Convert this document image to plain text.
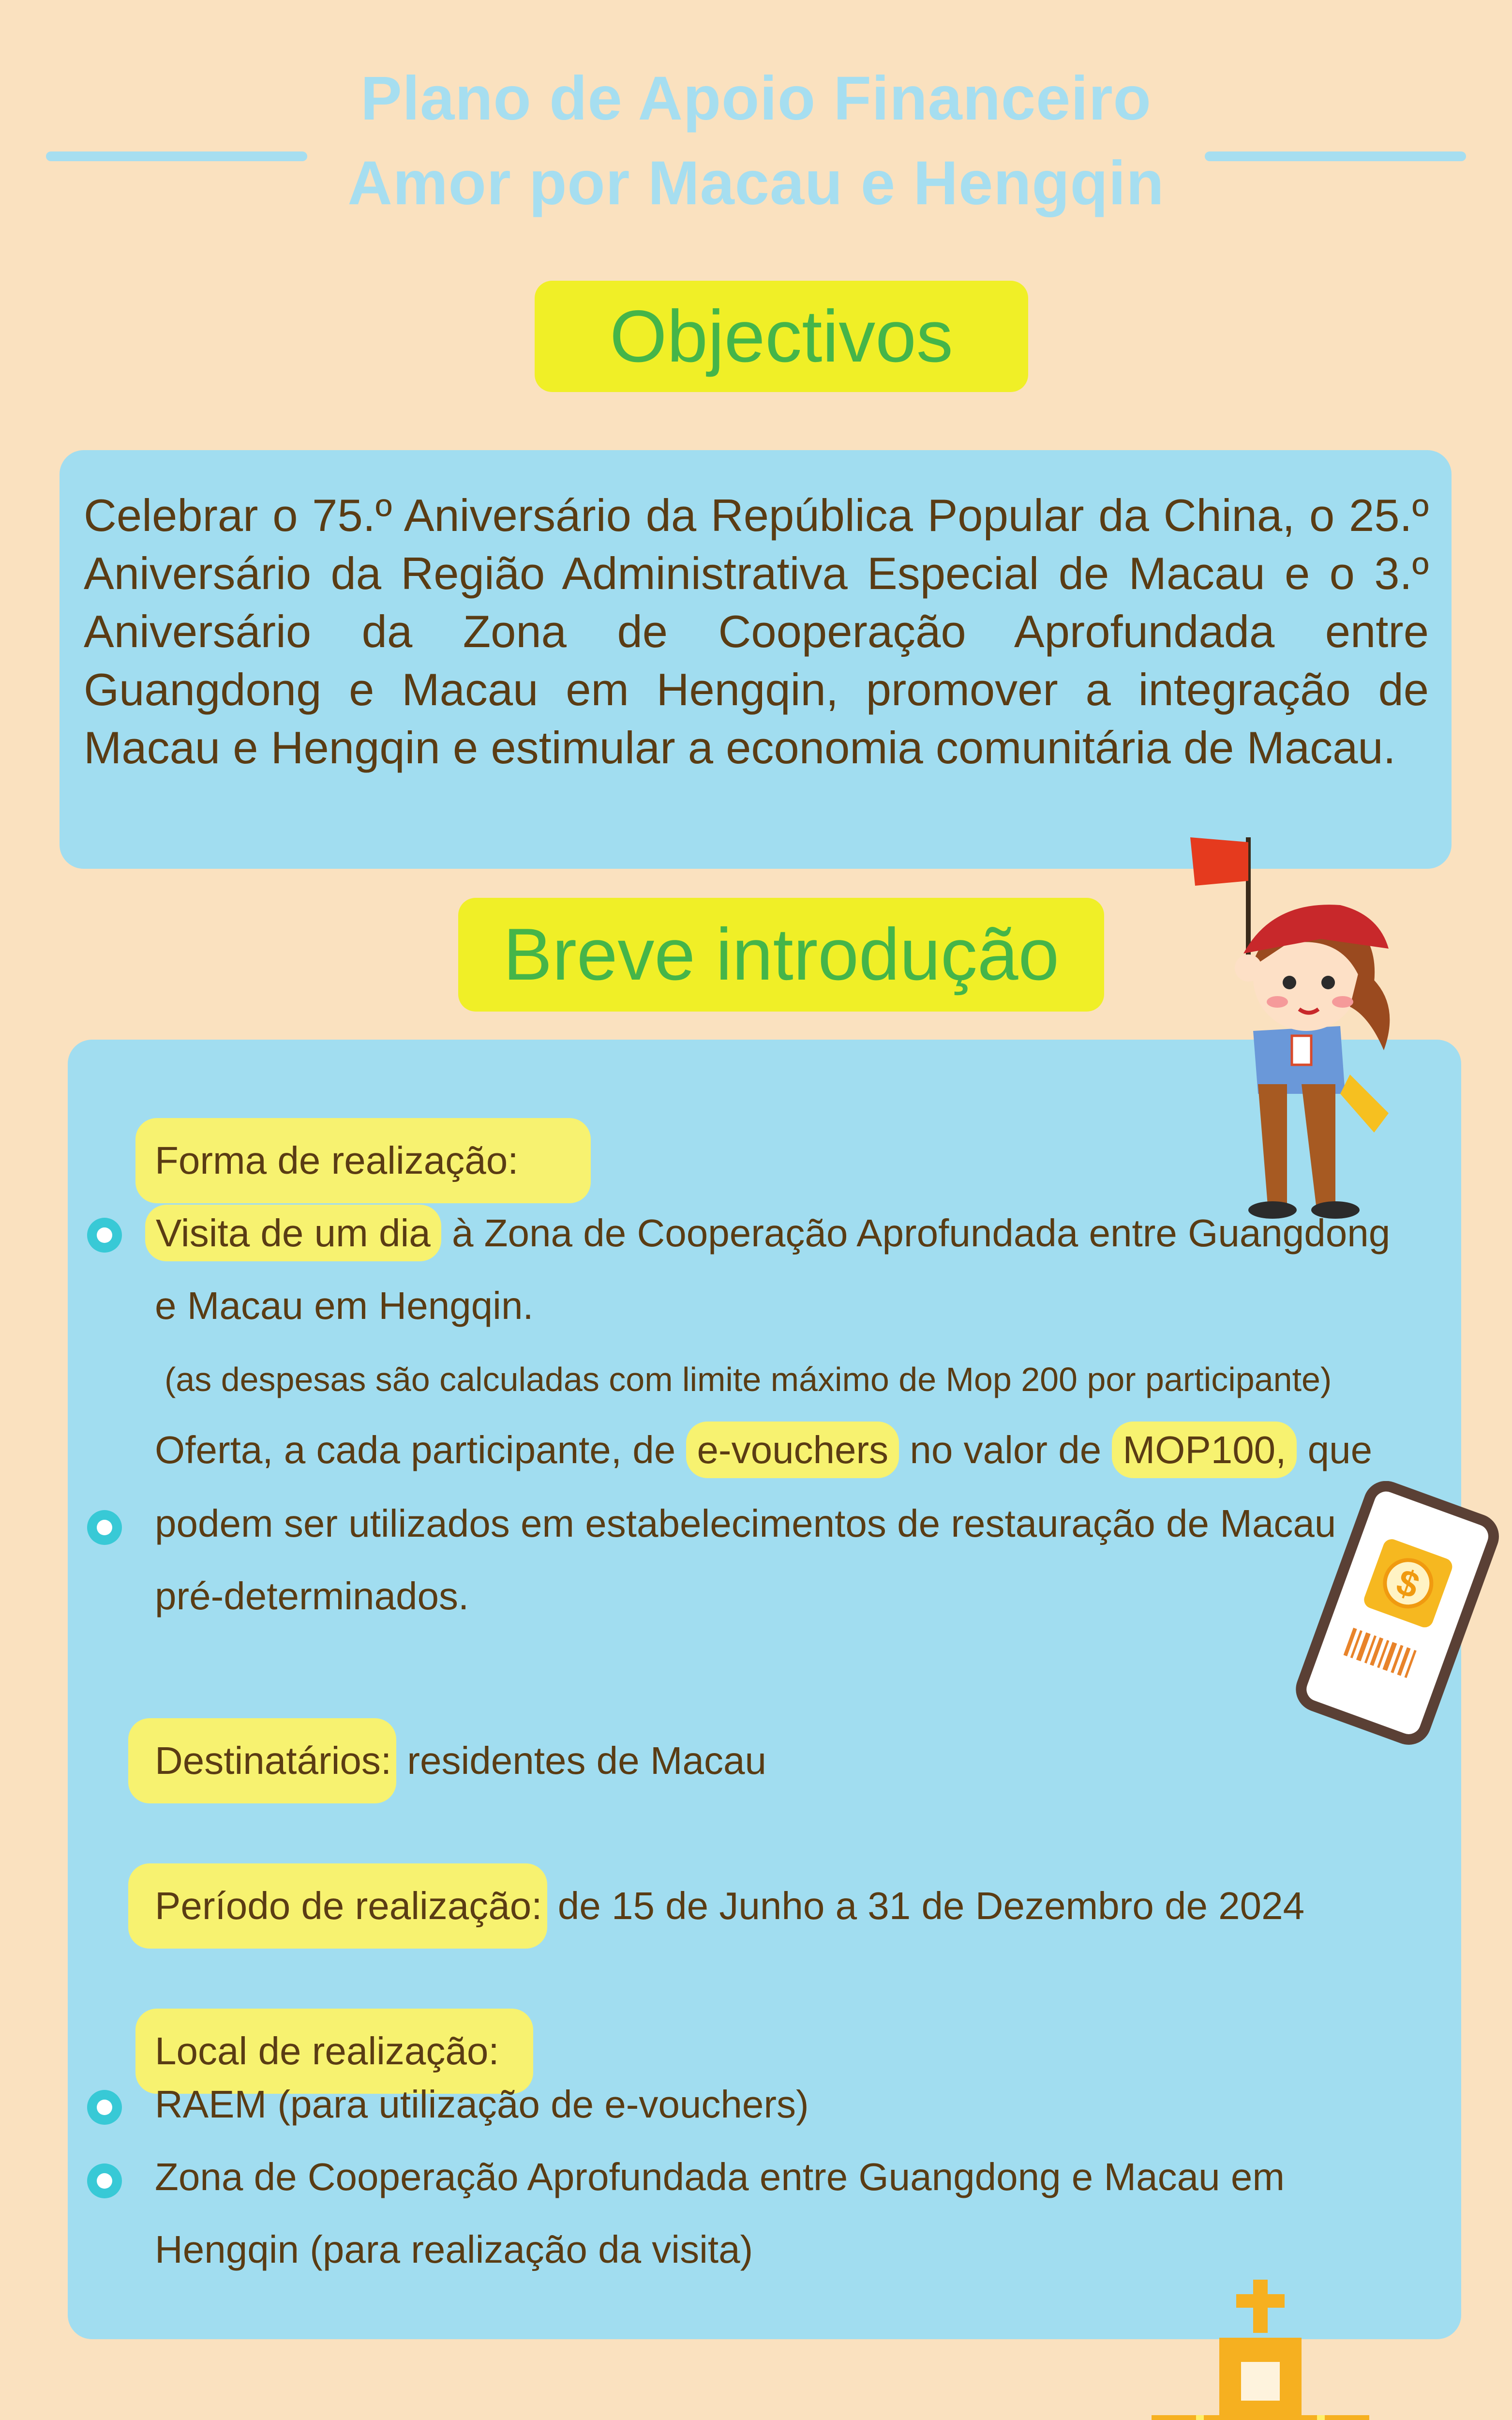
Plano de Apoio Financeiro
Amor por Macau e Hengqin
Objectivos
Celebrar o 75.º Aniversário da República Popular da China, o 25.º Aniversário da Região Administrativa Especial de Macau e o 3.º Aniversário da Zona de Cooperação Aprofundada entre Guangdong e Macau em Hengqin, promover a integração de Macau e Hengqin e estimular a economia comunitária de Macau.
Breve introdução
Forma de realização:
Visita de um dia à Zona de Cooperação Aprofundada entre Guangdong
e Macau em Hengqin.
(as despesas são calculadas com limite máximo de Mop 200 por participante)
Oferta, a cada participante, de e-vouchers no valor de MOP100, que
podem ser utilizados em estabelecimentos de restauração de Macau
pré-determinados.	$
Destinatários: residentes de Macau
Período de realização: de 15 de Junho a 31 de Dezembro de 2024
Local de realização:
RAEM (para utilização de e-vouchers)
Zona de Cooperação Aprofundada entre Guangdong e Macau em
Hengqin (para realização da visita)
